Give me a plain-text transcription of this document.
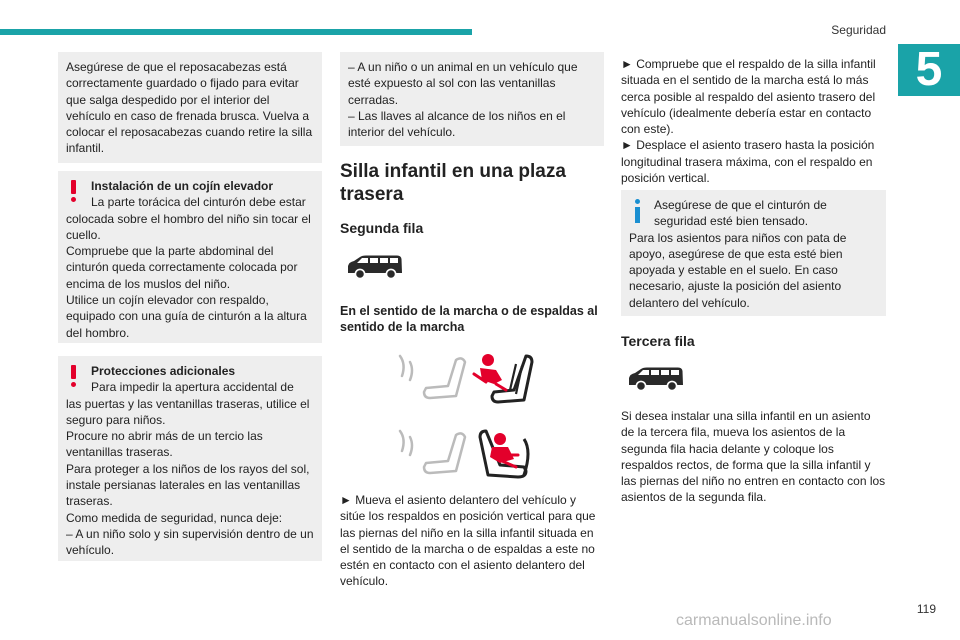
Seguridad
5
Asegúrese de que el reposacabezas está correctamente guardado o fijado para evitar que salga despedido por el interior del vehículo en caso de frenada brusca. Vuelva a colocar el reposacabezas cuando retire la silla infantil.
Instalación de un cojín elevador
La parte torácica del cinturón debe estar
colocada sobre el hombro del niño sin tocar el cuello.
Compruebe que la parte abdominal del cinturón queda correctamente colocada por encima de los muslos del niño.
Utilice un cojín elevador con respaldo, equipado con una guía de cinturón a la altura del hombro.
Protecciones adicionales
Para impedir la apertura accidental de
las puertas y las ventanillas traseras, utilice el seguro para niños.
Procure no abrir más de un tercio las ventanillas traseras.
Para proteger a los niños de los rayos del sol, instale persianas laterales en las ventanillas traseras.
Como medida de seguridad, nunca deje:
– A un niño solo y sin supervisión dentro de un vehículo.
– A un niño o un animal en un vehículo que esté expuesto al sol con las ventanillas cerradas.
– Las llaves al alcance de los niños en el interior del vehículo.
Silla infantil en una plaza trasera
Segunda fila
En el sentido de la marcha o de espaldas al sentido de la marcha
► Mueva el asiento delantero del vehículo y sitúe los respaldos en posición vertical para que las piernas del niño en la silla infantil situada en el sentido de la marcha o de espaldas a este no estén en contacto con el asiento delantero del vehículo.
► Compruebe que el respaldo de la silla infantil situada en el sentido de la marcha está lo más cerca posible al respaldo del asiento trasero del vehículo (idealmente debería estar en contacto con este).
► Desplace el asiento trasero hasta la posición longitudinal trasera máxima, con el respaldo en posición vertical.
Asegúrese de que el cinturón de
seguridad esté bien tensado.
Para los asientos para niños con pata de apoyo, asegúrese de que esta esté bien apoyada y estable en el suelo. En caso necesario, ajuste la posición del asiento delantero del vehículo.
Tercera fila
Si desea instalar una silla infantil en un asiento de la tercera fila, mueva los asientos de la segunda fila hacia delante y coloque los respaldos rectos, de forma que la silla infantil y las piernas del niño no entren en contacto con los asientos de la segunda fila.
119
carmanualsonline.info
